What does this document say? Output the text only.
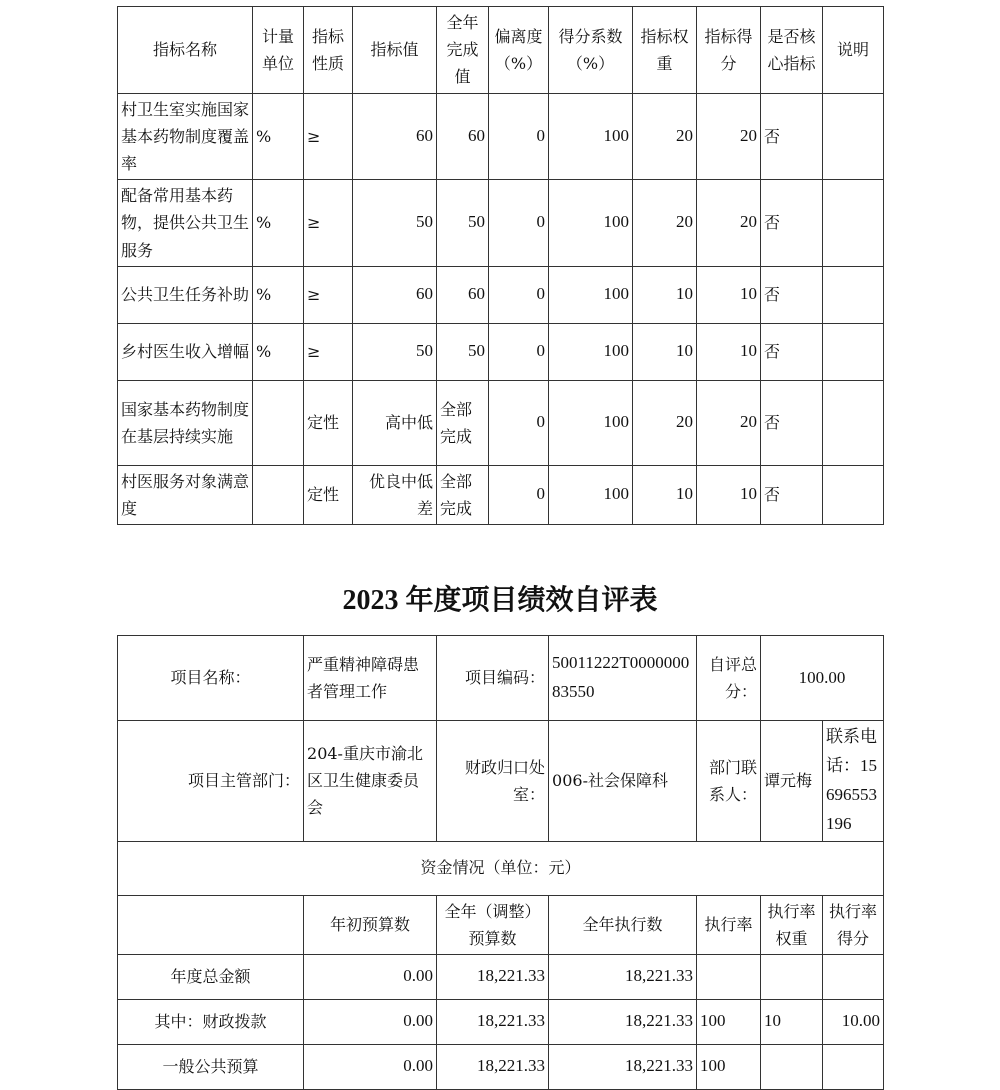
指标名称	计量单位	指标性质	指标值	全年完成值	偏离度（%）	得分系数（%）	指标权重	指标得分	是否核心指标	说明
村卫生室实施国家基本药物制度覆盖率	%	≥	60	60	0	100	20	20	否	
配备常用基本药物，提供公共卫生服务	%	≥	50	50	0	100	20	20	否	
公共卫生任务补助	%	≥	60	60	0	100	10	10	否	
乡村医生收入增幅	%	≥	50	50	0	100	10	10	否	
国家基本药物制度在基层持续实施		定性	高中低	全部完成	0	100	20	20	否	
村医服务对象满意度		定性	优良中低差	全部完成	0	100	10	10	否	
2023 年度项目绩效自评表
项目名称：	严重精神障碍患者管理工作	项目编码：	50011222T000000083550	自评总分：	100.00	
项目主管部门：	204-重庆市渝北区卫生健康委员会	财政归口处室：	006-社会保障科	部门联系人：	谭元梅	联系电话：15696553196
资金情况（单位：元）						
	年初预算数	全年（调整）预算数	全年执行数	执行率	执行率权重	执行率得分
年度总金额	0.00	18,221.33	18,221.33			
其中：财政拨款	0.00	18,221.33	18,221.33	100	10	10.00
一般公共预算	0.00	18,221.33	18,221.33	100		
